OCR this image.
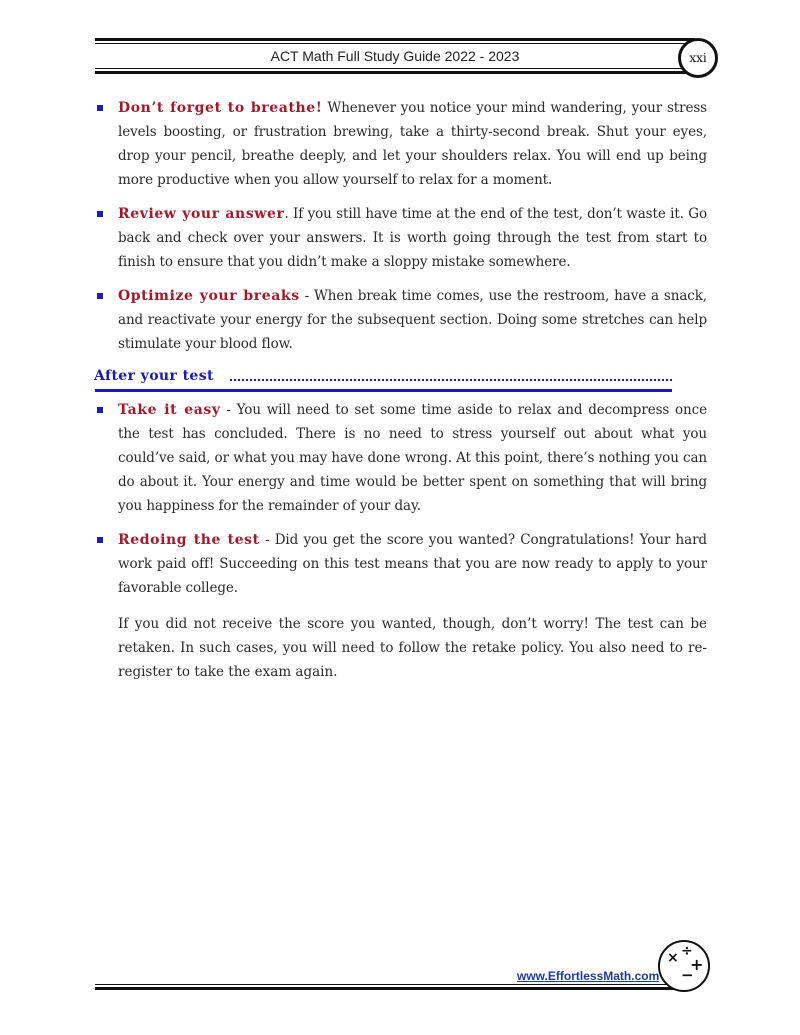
ACT Math Full Study Guide 2022 - 2023	xxi

Don’t forget to breathe! Whenever you notice your mind wandering, your stress levels boosting, or frustration brewing, take a thirty-second break. Shut your eyes, drop your pencil, breathe deeply, and let your shoulders relax. You will end up being more productive when you allow yourself to relax for a moment.

Review your answer. If you still have time at the end of the test, don’t waste it. Go back and check over your answers. It is worth going through the test from start to finish to ensure that you didn’t make a sloppy mistake somewhere.

Optimize your breaks - When break time comes, use the restroom, have a snack, and reactivate your energy for the subsequent section. Doing some stretches can help stimulate your blood flow.

After your test

Take it easy - You will need to set some time aside to relax and decompress once the test has concluded. There is no need to stress yourself out about what you could’ve said, or what you may have done wrong. At this point, there’s nothing you can do about it. Your energy and time would be better spent on something that will bring you happiness for the remainder of your day.

Redoing the test - Did you get the score you wanted? Congratulations! Your hard work paid off! Succeeding on this test means that you are now ready to apply to your favorable college.

If you did not receive the score you wanted, though, don’t worry! The test can be retaken. In such cases, you will need to follow the retake policy. You also need to re-register to take the exam again.

www.EffortlessMath.com
× ÷
+
−
